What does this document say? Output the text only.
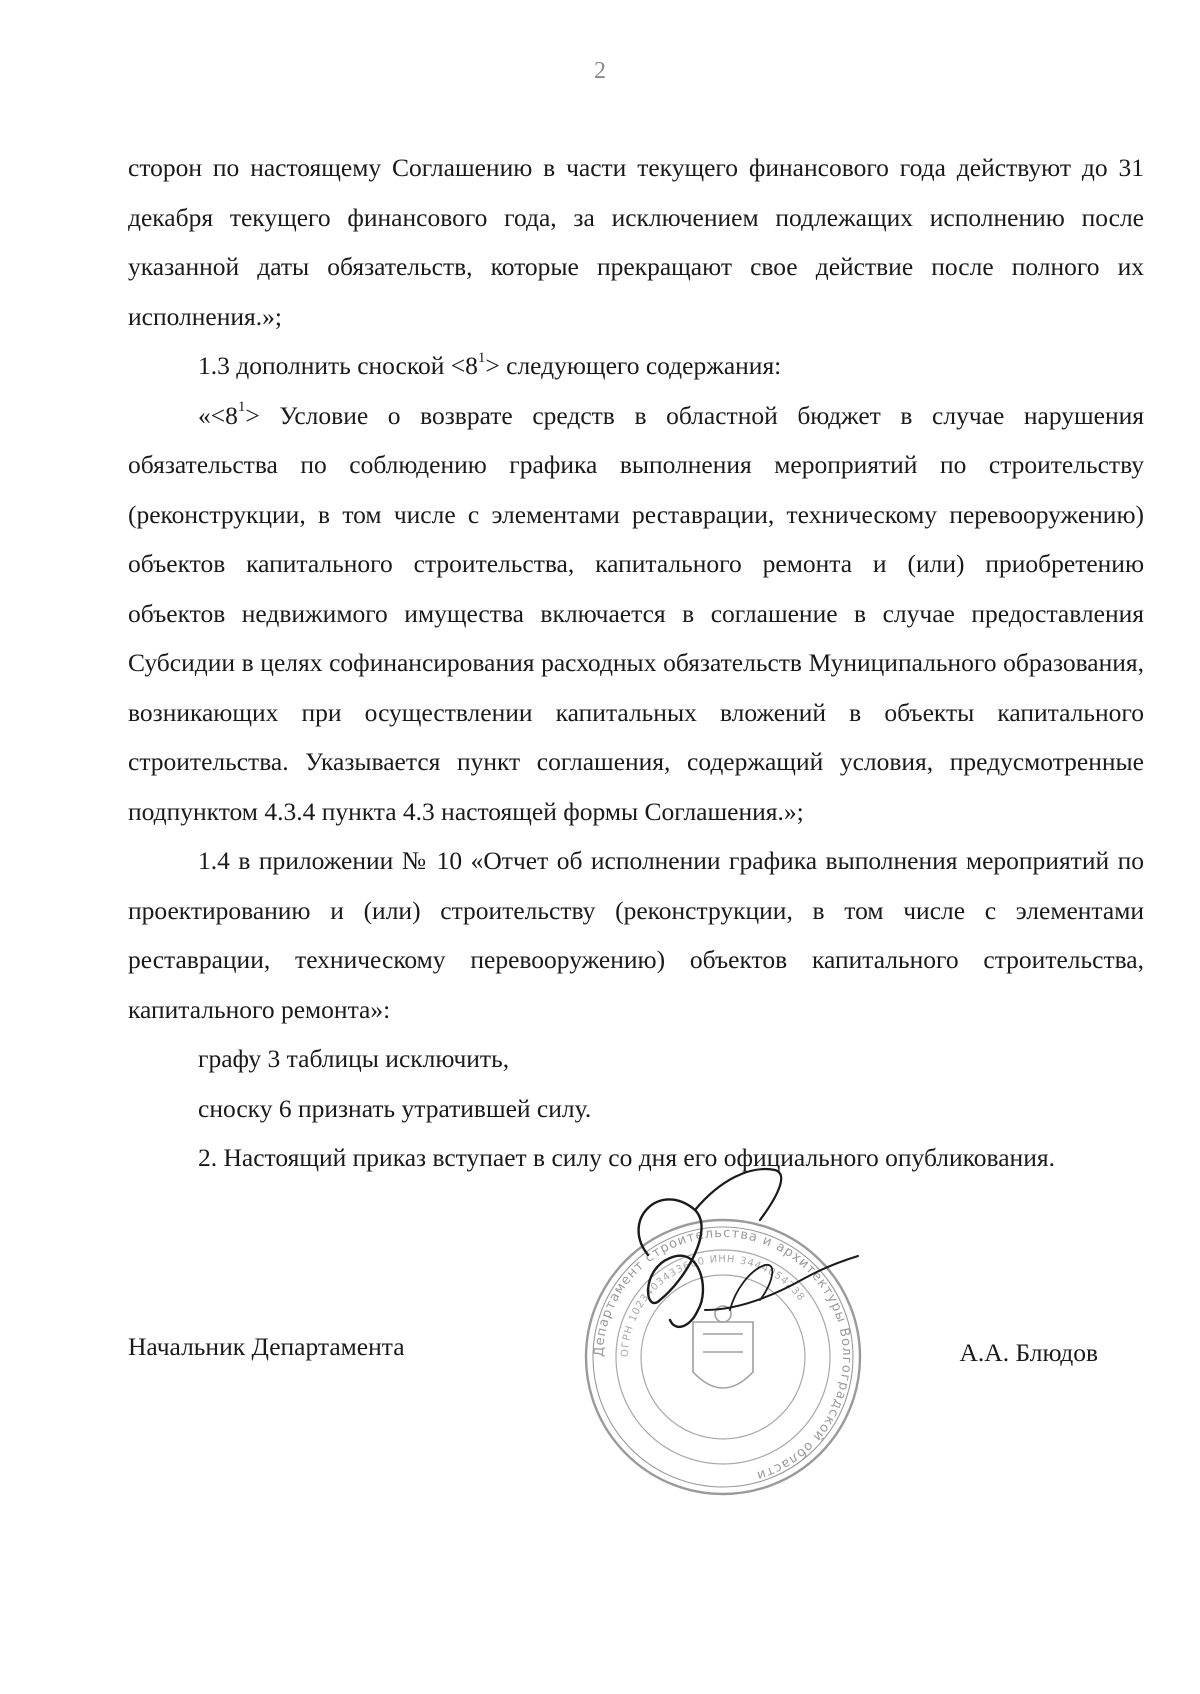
2

сторон по настоящему Соглашению в части текущего финансового года действуют до 31 декабря текущего финансового года, за исключением подлежащих исполнению после указанной даты обязательств, которые прекращают свое действие после полного их исполнения.»;

1.3 дополнить сноской $<8^1>$ следующего содержания:

«$<8^1>$ Условие о возврате средств в областной бюджет в случае нарушения обязательства по соблюдению графика выполнения мероприятий по строительству (реконструкции, в том числе с элементами реставрации, техническому перевооружению) объектов капитального строительства, капитального ремонта и (или) приобретению объектов недвижимого имущества включается в соглашение в случае предоставления Субсидии в целях софинансирования расходных обязательств Муниципального образования, возникающих при осуществлении капитальных вложений в объекты капитального строительства. Указывается пункт соглашения, содержащий условия, предусмотренные подпунктом 4.3.4 пункта 4.3 настоящей формы Соглашения.»;

1.4 в приложении № 10 «Отчет об исполнении графика выполнения мероприятий по проектированию и (или) строительству (реконструкции, в том числе с элементами реставрации, техническому перевооружению) объектов капитального строительства, капитального ремонта»:

графу 3 таблицы исключить,

сноску 6 признать утратившей силу.

2. Настоящий приказ вступает в силу со дня его официального опубликования.

Начальник Департамента	А.А. Блюдов
Департамент строительства и архитектуры Волгоградской области
ОГРН 1023403433600 ИНН 3444054238
